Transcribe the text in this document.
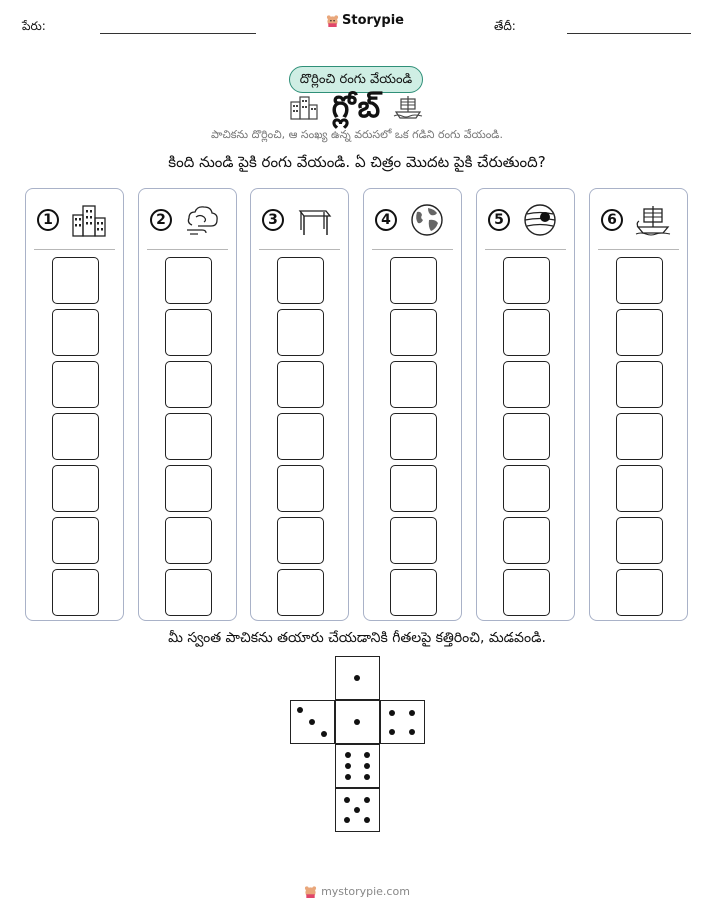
పేరు:	Storypie	తేదీ:
దొర్లించి రంగు వేయండి
గ్లోబ్
పాచికను దొర్లించి, ఆ సంఖ్య ఉన్న వరుసలో ఒక గడిని రంగు వేయండి.
కింది నుండి పైకి రంగు వేయండి. ఏ చిత్రం మొదట పైకి చేరుతుంది?
1	2	3	4	5	6
మీ స్వంత పాచికను తయారు చేయడానికి గీతలపై కత్తిరించి, మడవండి.
mystorypie.com
